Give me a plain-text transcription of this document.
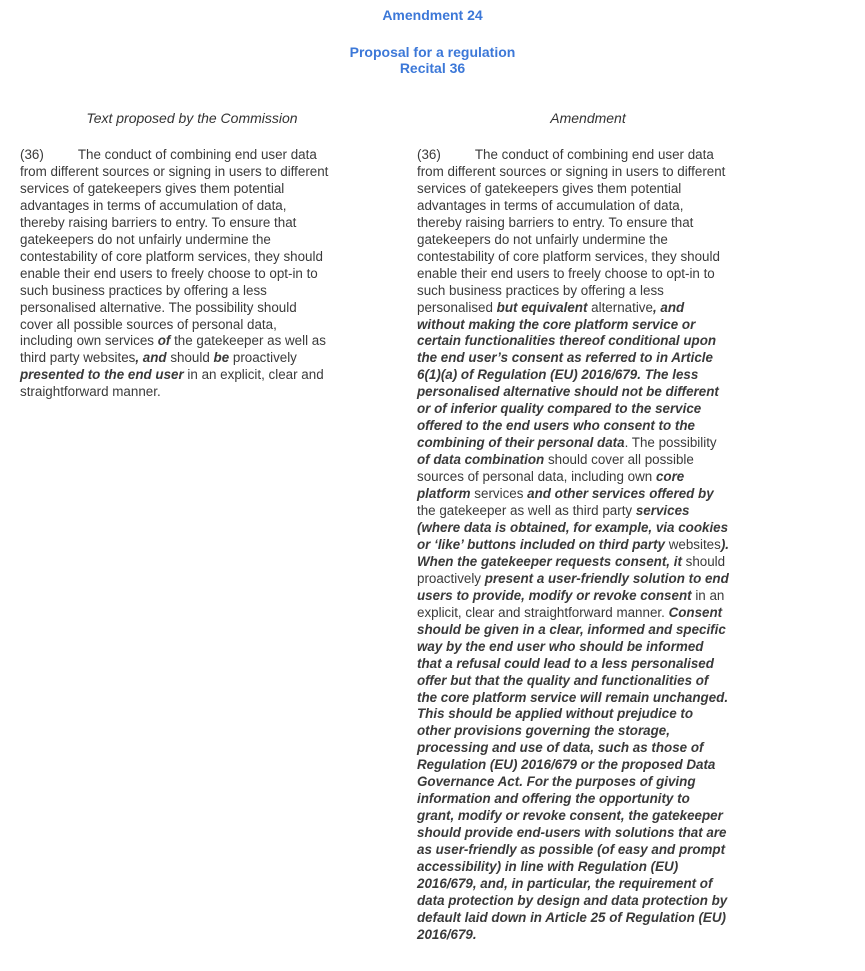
Amendment 24
Proposal for a regulation
Recital 36
Text proposed by the Commission	Amendment
(36)	The conduct of combining end user data
from different sources or signing in users to different
services of gatekeepers gives them potential
advantages in terms of accumulation of data,
thereby raising barriers to entry. To ensure that
gatekeepers do not unfairly undermine the
contestability of core platform services, they should
enable their end users to freely choose to opt-in to
such business practices by offering a less
personalised alternative. The possibility should
cover all possible sources of personal data,
including own services of the gatekeeper as well as
third party websites, and should be proactively
presented to the end user in an explicit, clear and
straightforward manner.
(36)	The conduct of combining end user data
from different sources or signing in users to different
services of gatekeepers gives them potential
advantages in terms of accumulation of data,
thereby raising barriers to entry. To ensure that
gatekeepers do not unfairly undermine the
contestability of core platform services, they should
enable their end users to freely choose to opt-in to
such business practices by offering a less
personalised but equivalent alternative, and
without making the core platform service or
certain functionalities thereof conditional upon
the end user’s consent as referred to in Article
6(1)(a) of Regulation (EU) 2016/679. The less
personalised alternative should not be different
or of inferior quality compared to the service
offered to the end users who consent to the
combining of their personal data. The possibility
of data combination should cover all possible
sources of personal data, including own core
platform services and other services offered by
the gatekeeper as well as third party services
(where data is obtained, for example, via cookies
or ‘like’ buttons included on third party websites).
When the gatekeeper requests consent, it should
proactively present a user-friendly solution to end
users to provide, modify or revoke consent in an
explicit, clear and straightforward manner. Consent
should be given in a clear, informed and specific
way by the end user who should be informed
that a refusal could lead to a less personalised
offer but that the quality and functionalities of
the core platform service will remain unchanged.
This should be applied without prejudice to
other provisions governing the storage,
processing and use of data, such as those of
Regulation (EU) 2016/679 or the proposed Data
Governance Act. For the purposes of giving
information and offering the opportunity to
grant, modify or revoke consent, the gatekeeper
should provide end-users with solutions that are
as user-friendly as possible (of easy and prompt
accessibility) in line with Regulation (EU)
2016/679, and, in particular, the requirement of
data protection by design and data protection by
default laid down in Article 25 of Regulation (EU)
2016/679.
